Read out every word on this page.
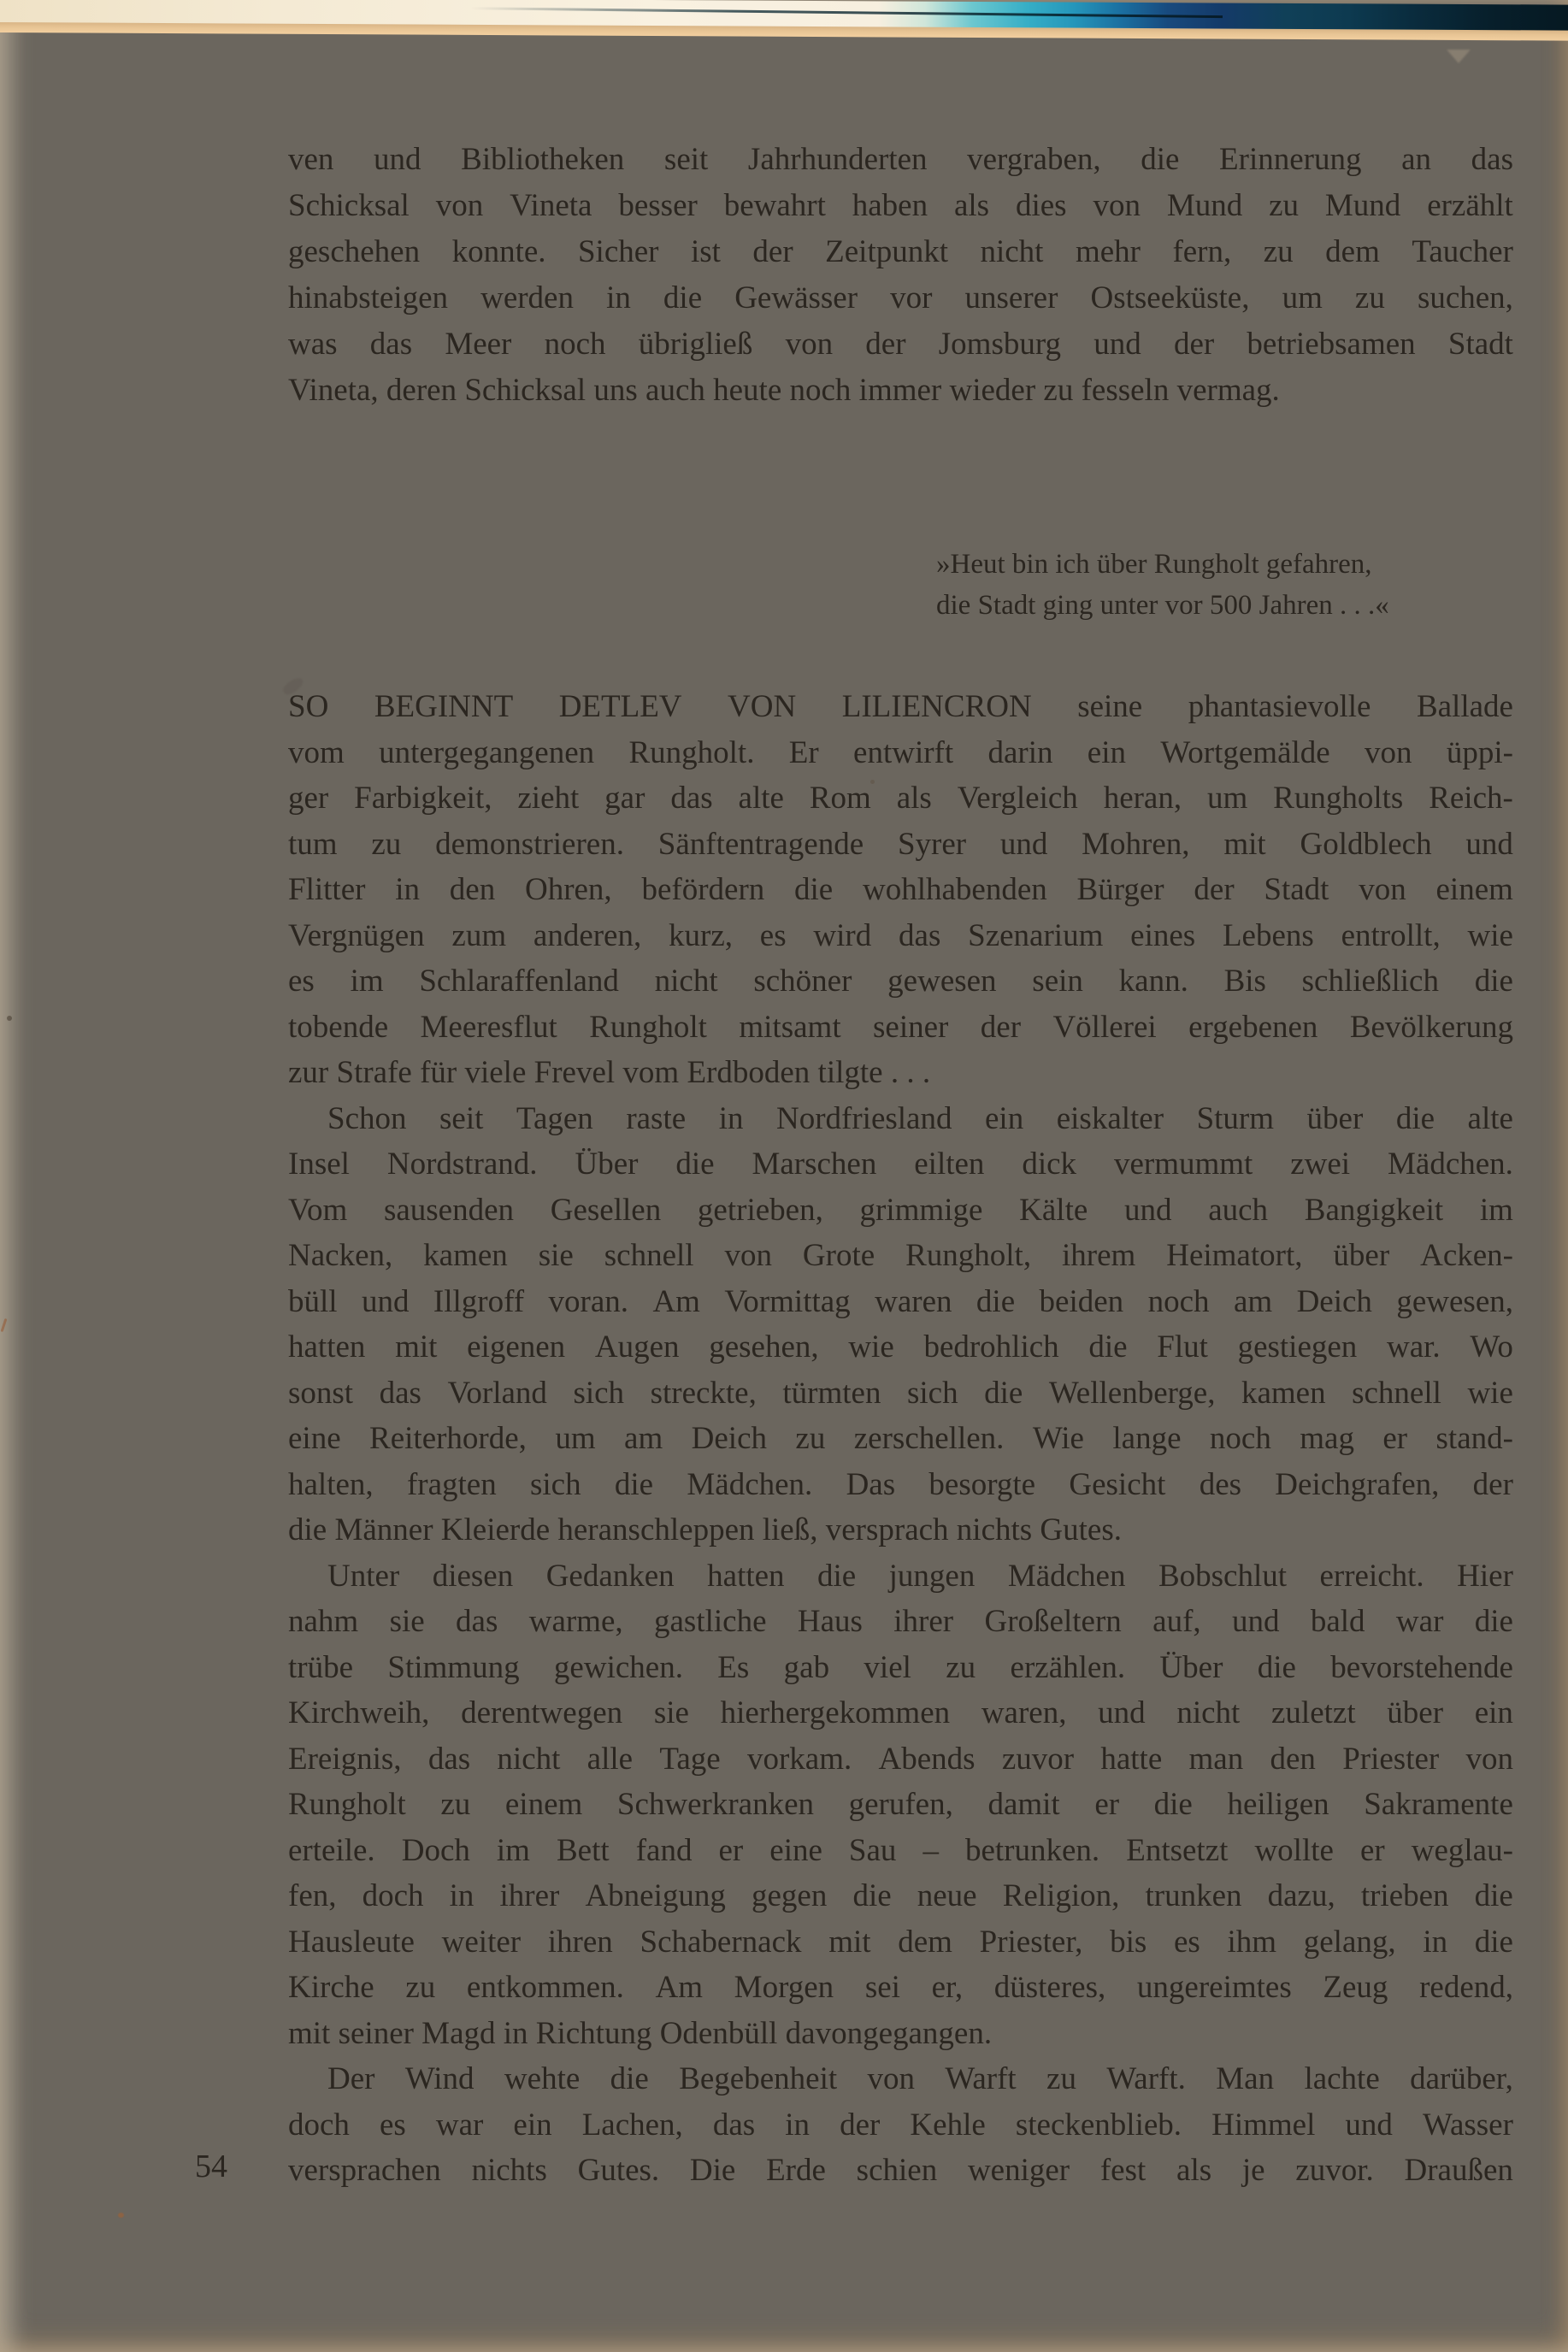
ven und Bibliotheken seit Jahrhunderten vergraben, die Erinnerung an das
Schicksal von Vineta besser bewahrt haben als dies von Mund zu Mund erzählt
geschehen konnte. Sicher ist der Zeitpunkt nicht mehr fern, zu dem Taucher
hinabsteigen werden in die Gewässer vor unserer Ostseeküste, um zu suchen,
was das Meer noch übrigließ von der Jomsburg und der betriebsamen Stadt
Vineta, deren Schicksal uns auch heute noch immer wieder zu fesseln vermag.
»Heut bin ich über Rungholt gefahren,
die Stadt ging unter vor 500 Jahren . . .«
SO BEGINNT DETLEV VON LILIENCRON seine phantasievolle Ballade
vom untergegangenen Rungholt. Er entwirft darin ein Wortgemälde von üppi-
ger Farbigkeit, zieht gar das alte Rom als Vergleich heran, um Rungholts Reich-
tum zu demonstrieren. Sänftentragende Syrer und Mohren, mit Goldblech und
Flitter in den Ohren, befördern die wohlhabenden Bürger der Stadt von einem
Vergnügen zum anderen, kurz, es wird das Szenarium eines Lebens entrollt, wie
es im Schlaraffenland nicht schöner gewesen sein kann. Bis schließlich die
tobende Meeresflut Rungholt mitsamt seiner der Völlerei ergebenen Bevölkerung
zur Strafe für viele Frevel vom Erdboden tilgte . . .
Schon seit Tagen raste in Nordfriesland ein eiskalter Sturm über die alte
Insel Nordstrand. Über die Marschen eilten dick vermummt zwei Mädchen.
Vom sausenden Gesellen getrieben, grimmige Kälte und auch Bangigkeit im
Nacken, kamen sie schnell von Grote Rungholt, ihrem Heimatort, über Acken-
büll und Illgroff voran. Am Vormittag waren die beiden noch am Deich gewesen,
hatten mit eigenen Augen gesehen, wie bedrohlich die Flut gestiegen war. Wo
sonst das Vorland sich streckte, türmten sich die Wellenberge, kamen schnell wie
eine Reiterhorde, um am Deich zu zerschellen. Wie lange noch mag er stand-
halten, fragten sich die Mädchen. Das besorgte Gesicht des Deichgrafen, der
die Männer Kleierde heranschleppen ließ, versprach nichts Gutes.
Unter diesen Gedanken hatten die jungen Mädchen Bobschlut erreicht. Hier
nahm sie das warme, gastliche Haus ihrer Großeltern auf, und bald war die
trübe Stimmung gewichen. Es gab viel zu erzählen. Über die bevorstehende
Kirchweih, derentwegen sie hierhergekommen waren, und nicht zuletzt über ein
Ereignis, das nicht alle Tage vorkam. Abends zuvor hatte man den Priester von
Rungholt zu einem Schwerkranken gerufen, damit er die heiligen Sakramente
erteile. Doch im Bett fand er eine Sau – betrunken. Entsetzt wollte er weglau-
fen, doch in ihrer Abneigung gegen die neue Religion, trunken dazu, trieben die
Hausleute weiter ihren Schabernack mit dem Priester, bis es ihm gelang, in die
Kirche zu entkommen. Am Morgen sei er, düsteres, ungereimtes Zeug redend,
mit seiner Magd in Richtung Odenbüll davongegangen.
Der Wind wehte die Begebenheit von Warft zu Warft. Man lachte darüber,
doch es war ein Lachen, das in der Kehle steckenblieb. Himmel und Wasser
versprachen nichts Gutes. Die Erde schien weniger fest als je zuvor. Draußen
54
